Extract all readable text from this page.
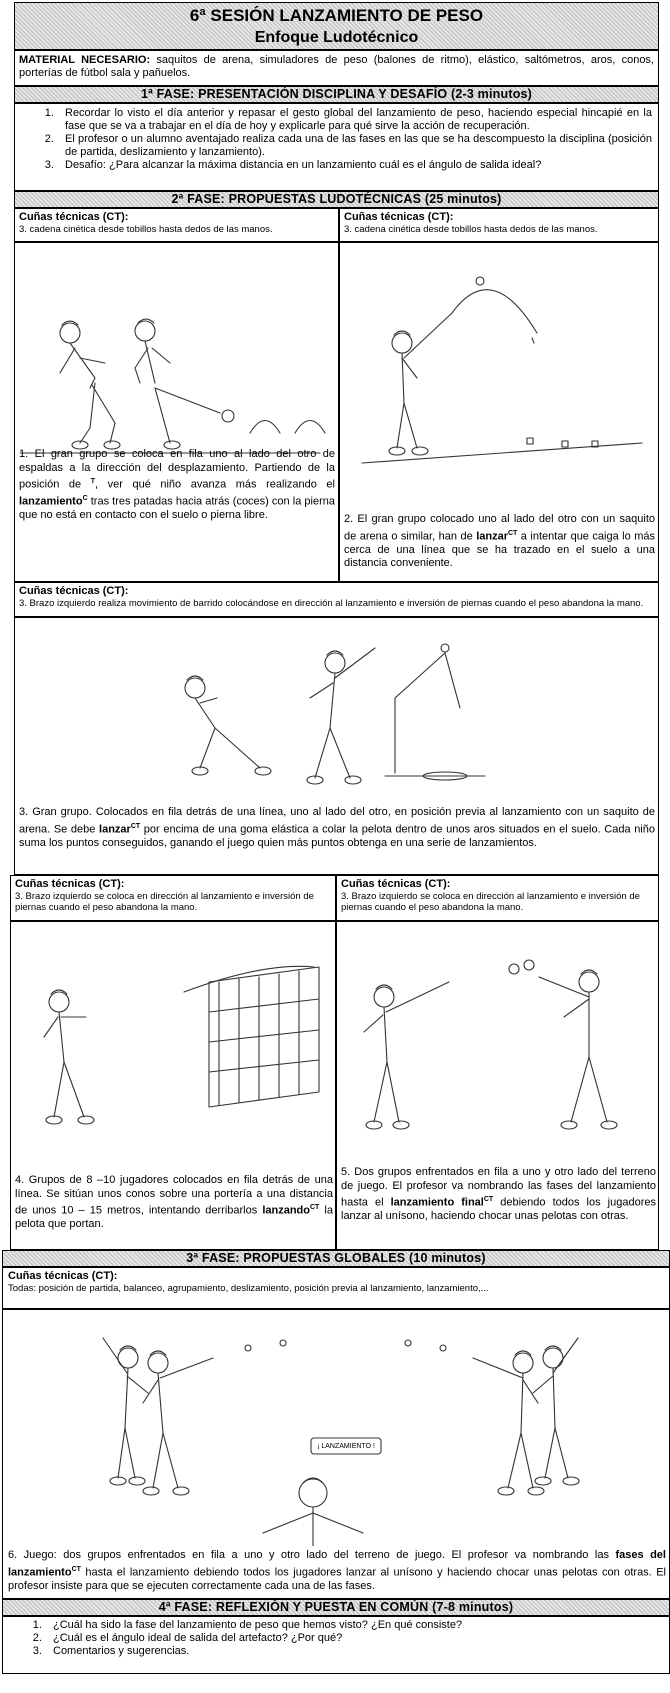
6ª SESIÓN LANZAMIENTO DE PESO
Enfoque Ludotécnico
MATERIAL NECESARIO: saquitos de arena, simuladores de peso (balones de ritmo), elástico, saltómetros, aros, conos, porterías de fútbol sala y pañuelos.
1ª FASE: PRESENTACIÓN DISCIPLINA Y DESAFÍO (2-3 minutos)
1. Recordar lo visto el día anterior y repasar el gesto global del lanzamiento de peso, haciendo especial hincapié en la fase que se va a trabajar en el día de hoy y explicarle para qué sirve la acción de recuperación.
2. El profesor o un alumno aventajado realiza cada una de las fases en las que se ha descompuesto la disciplina (posición de partida, deslizamiento y lanzamiento).
3. Desafío: ¿Para alcanzar la máxima distancia en un lanzamiento cuál es el ángulo de salida ideal?
2ª FASE: PROPUESTAS LUDOTÉCNICAS (25 minutos)
Cuñas técnicas (CT):
3. cadena cinética desde tobillos hasta dedos de las manos.
Cuñas técnicas (CT):
3. cadena cinética desde tobillos hasta dedos de las manos.
1. El gran grupo se coloca en fila uno al lado del otro de espaldas a la dirección del desplazamiento. Partiendo de la posición de $^T$, ver qué niño avanza más realizando el lanzamiento$^C$ tras tres patadas hacia atrás (coces) con la pierna que no está en contacto con el suelo o pierna libre.	2. El gran grupo colocado uno al lado del otro con un saquito de arena o similar, han de lanzar$^{CT}$ a intentar que caiga lo más cerca de una línea que se ha trazado en el suelo a una distancia conveniente.
Cuñas técnicas (CT):
3. Brazo izquierdo realiza movimiento de barrido colocándose en dirección al lanzamiento e inversión de piernas cuando el peso abandona la mano.
3. Gran grupo. Colocados en fila detrás de una línea, uno al lado del otro, en posición previa al lanzamiento con un saquito de arena. Se debe lanzar$^{CT}$ por encima de una goma elástica a colar la pelota dentro de unos aros situados en el suelo. Cada niño suma los puntos conseguidos, ganando el juego quien más puntos obtenga en una serie de lanzamientos.
Cuñas técnicas (CT):
3. Brazo izquierdo se coloca en dirección al lanzamiento e inversión de piernas cuando el peso abandona la mano.
Cuñas técnicas (CT):
3. Brazo izquierdo se coloca en dirección al lanzamiento e inversión de piernas cuando el peso abandona la mano.
4. Grupos de 8 –10 jugadores colocados en fila detrás de una línea. Se sitúan unos conos sobre una portería a una distancia de unos 10 – 15 metros, intentando derribarlos lanzando$^{CT}$ la pelota que portan.
5. Dos grupos enfrentados en fila a uno y otro lado del terreno de juego. El profesor va nombrando las fases del lanzamiento hasta el lanzamiento final$^{CT}$ debiendo todos los jugadores lanzar al unísono, haciendo chocar unas pelotas con otras.
3ª FASE: PROPUESTAS GLOBALES (10 minutos)
Cuñas técnicas (CT):
Todas: posición de partida, balanceo, agrupamiento, deslizamiento, posición previa al lanzamiento, lanzamiento,...
¡ LANZAMIENTO !
6. Juego: dos grupos enfrentados en fila a uno y otro lado del terreno de juego. El profesor va nombrando las fases del lanzamiento$^{CT}$ hasta el lanzamiento debiendo todos los jugadores lanzar al unísono y haciendo chocar unas pelotas con otras. El profesor insiste para que se ejecuten correctamente cada una de las fases.
4ª FASE: REFLEXIÓN Y PUESTA EN COMÚN (7-8 minutos)
1. ¿Cuál ha sido la fase del lanzamiento de peso que hemos visto? ¿En qué consiste?
2. ¿Cuál es el ángulo ideal de salida del artefacto? ¿Por qué?
3. Comentarios y sugerencias.
